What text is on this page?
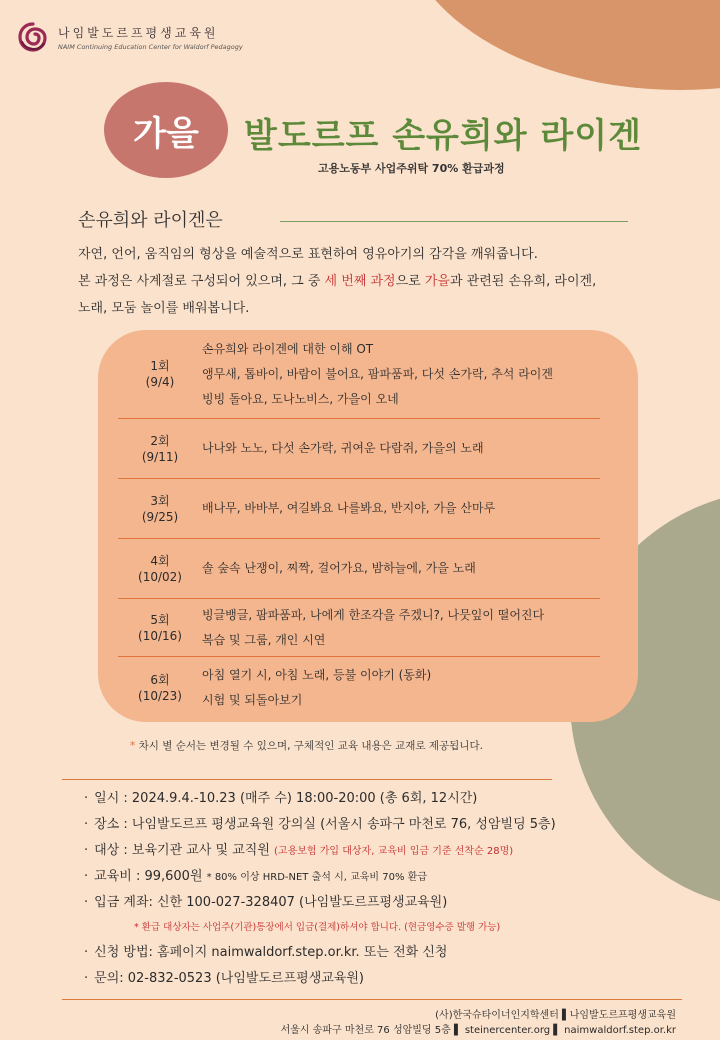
나임발도르프평생교육원
NAIM Continuing Education Center for Waldorf Pedagogy
가을 발도르프 손유희와 라이겐
고용노동부 사업주위탁 70% 환급과정
손유희와 라이겐은
자연, 언어, 움직임의 형상을 예술적으로 표현하여 영유아기의 감각을 깨워줍니다.
본 과정은 사계절로 구성되어 있으며, 그 중 세 번째 과정으로 가을과 관련된 손유희, 라이겐,
노래, 모둠 놀이를 배워봅니다.
1회
(9/4)
손유희와 라이겐에 대한 이해 OT
앵무새, 톱바이, 바람이 불어요, 팜파품파, 다섯 손가락, 추석 라이겐
빙빙 돌아요, 도나노비스, 가을이 오네
2회
(9/11)
나나와 노노, 다섯 손가락, 귀여운 다람쥐, 가을의 노래
3회
(9/25)
배나무, 바바부, 여길봐요 나를봐요, 반지야, 가을 산마루
4회
(10/02)
솔 숲속 난쟁이, 찌짝, 걸어가요, 밤하늘에, 가을 노래
5회
(10/16)
빙글뱅글, 팜파품파, 나에게 한조각을 주겠니?, 나뭇잎이 떨어진다
복습 및 그룹, 개인 시연
6회
(10/23)
아침 열기 시, 아침 노래, 등불 이야기 (동화)
시험 및 되돌아보기
* 차시 별 순서는 변경될 수 있으며, 구체적인 교육 내용은 교재로 제공됩니다.
· 일시 : 2024.9.4.-10.23 (매주 수) 18:00-20:00 (총 6회, 12시간)
· 장소 : 나임발도르프 평생교육원 강의실 (서울시 송파구 마천로 76, 성암빌딩 5층)
· 대상 : 보육기관 교사 및 교직원 (고용보험 가입 대상자, 교육비 입금 기준 선착순 28명)
· 교육비 : 99,600원 * 80% 이상 HRD-NET 출석 시, 교육비 70% 환급
· 입금 계좌: 신한 100-027-328407 (나임발도르프평생교육원)
* 환급 대상자는 사업주(기관)통장에서 입금(결제)하셔야 합니다. (현금영수증 발행 가능)
· 신청 방법: 홈페이지 naimwaldorf.step.or.kr. 또는 전화 신청
· 문의: 02-832-0523 (나임발도르프평생교육원)
(사)한국슈타이너인지학센터 ▌나임발도르프평생교육원
서울시 송파구 마천로 76 성암빌딩 5층 ▌ steinercenter.org ▌ naimwaldorf.step.or.kr
